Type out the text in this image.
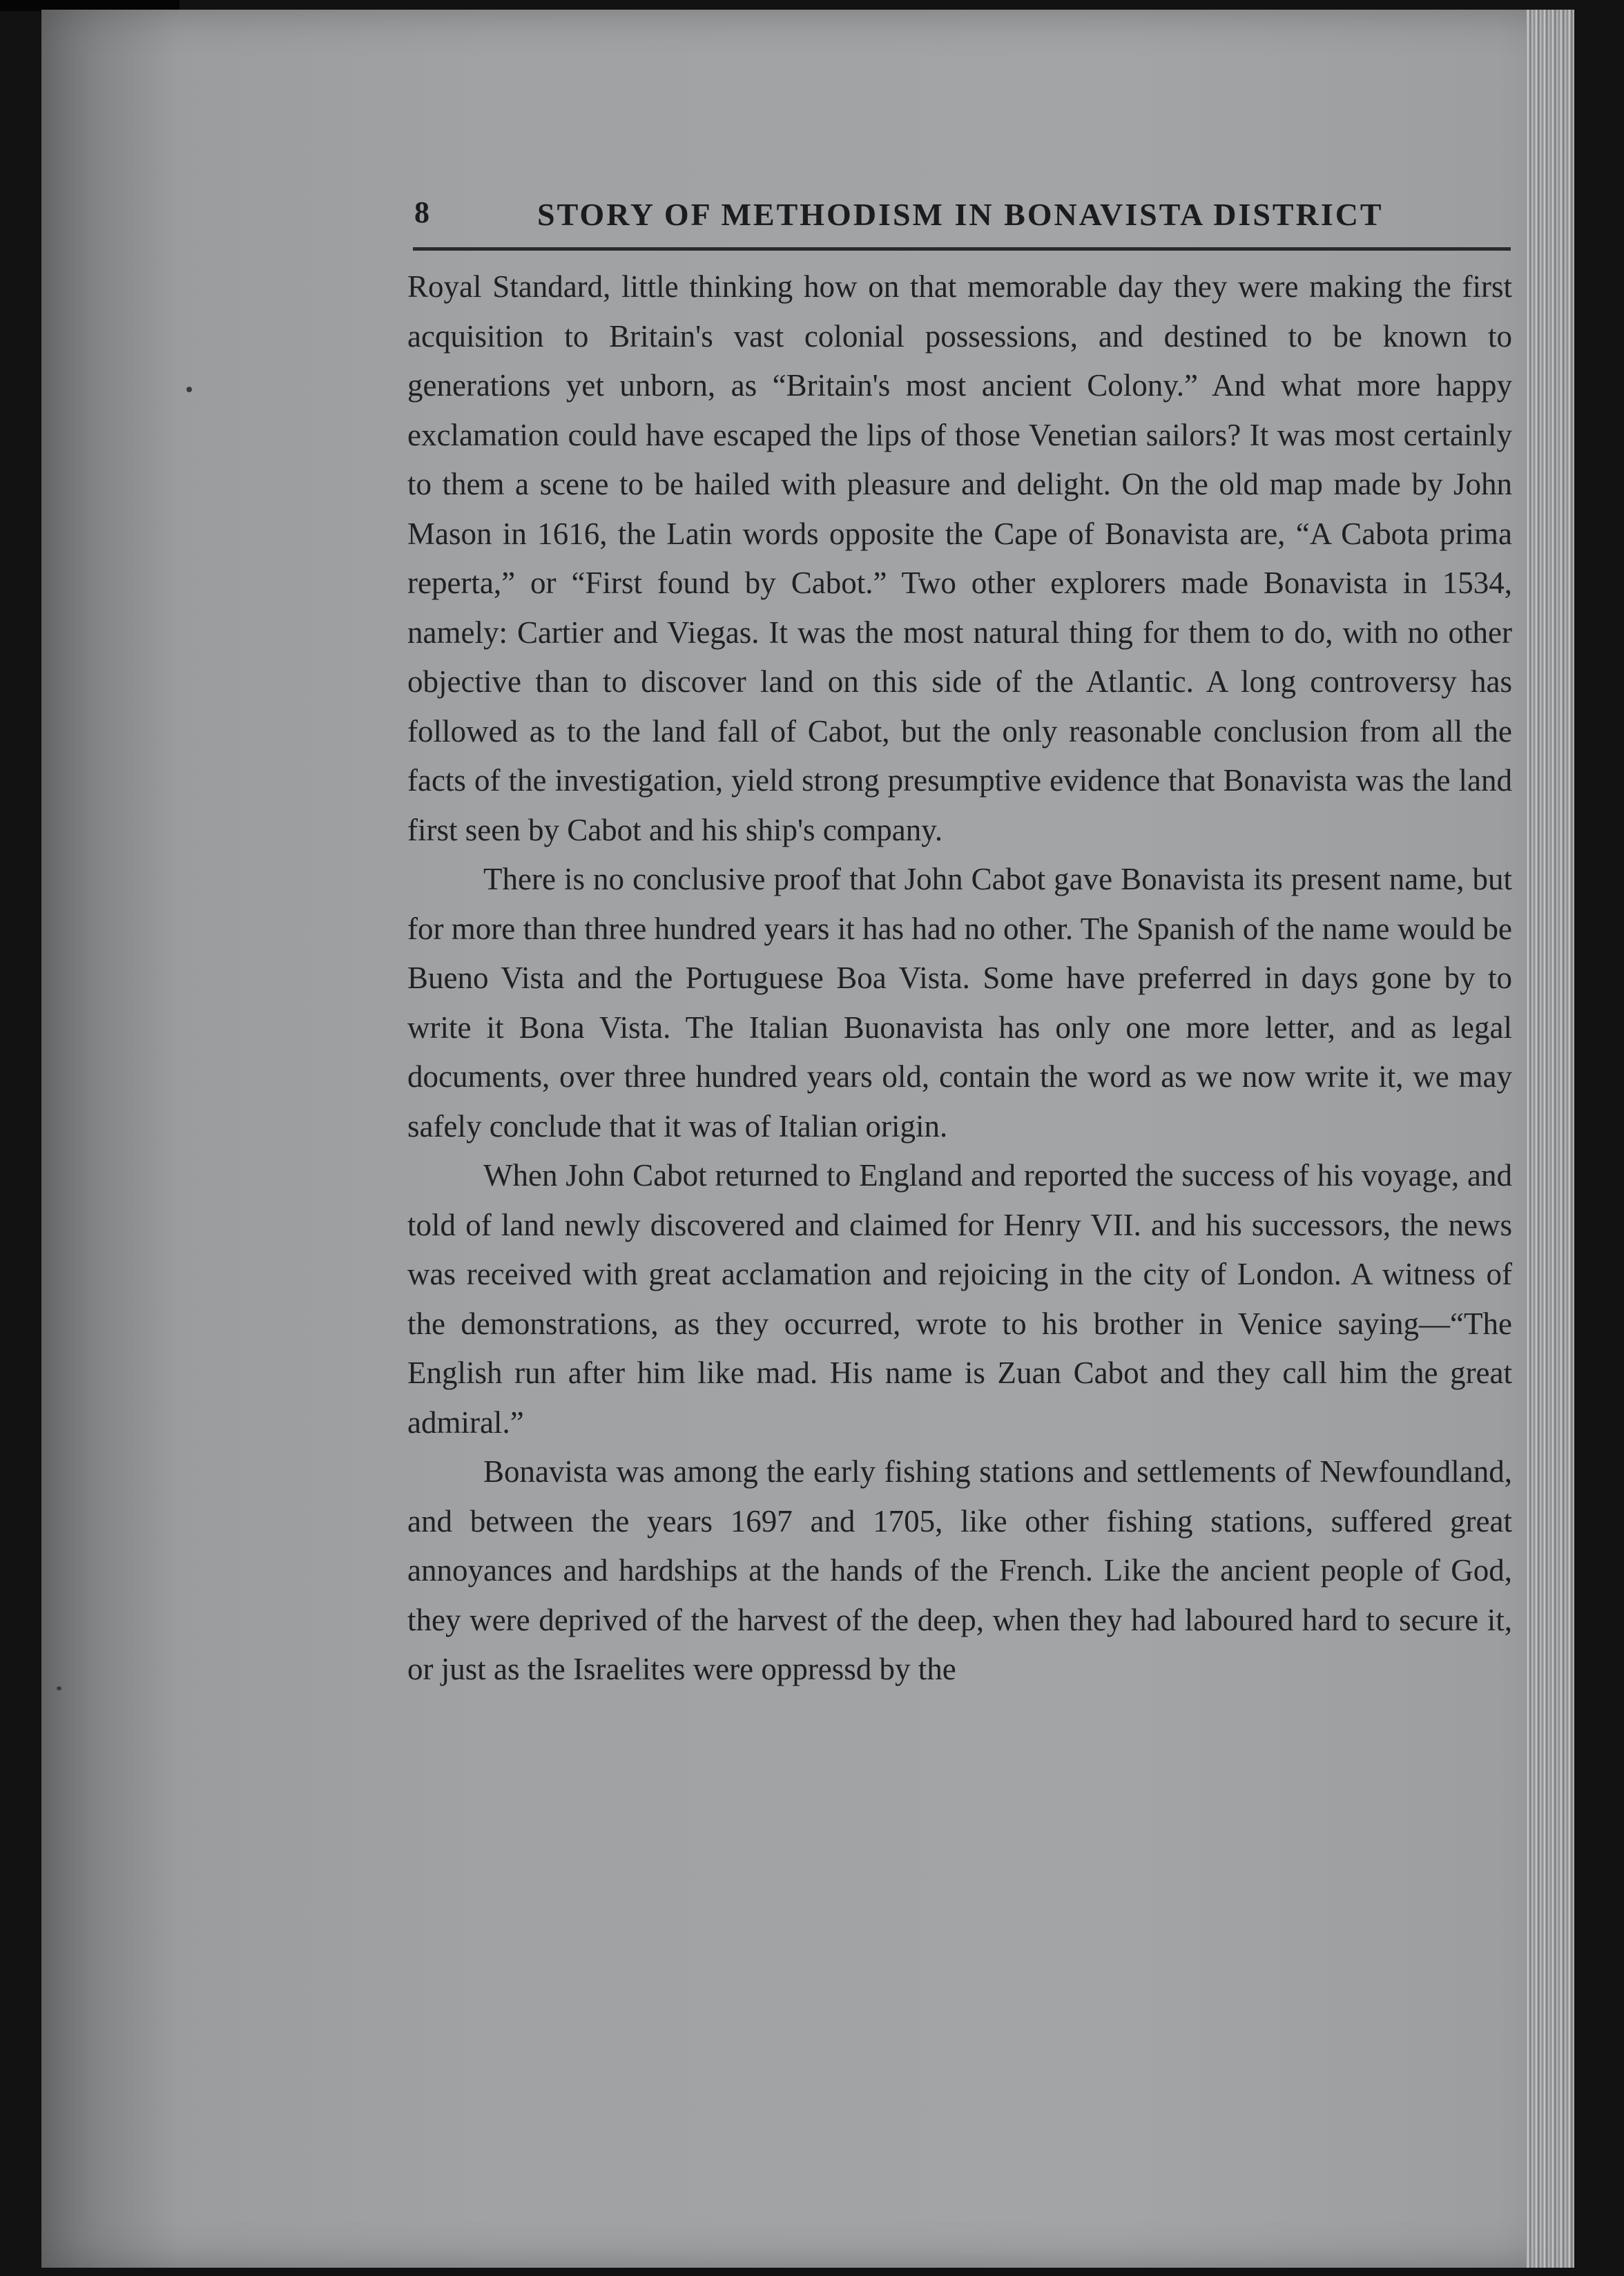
8	STORY OF METHODISM IN BONAVISTA DISTRICT

Royal Standard, little thinking how on that memorable day they were making the first acquisition to Britain's vast colonial possessions, and destined to be known to generations yet unborn, as “Britain's most ancient Colony.” And what more happy exclamation could have escaped the lips of those Venetian sailors? It was most certainly to them a scene to be hailed with pleasure and delight. On the old map made by John Mason in 1616, the Latin words opposite the Cape of Bonavista are, “A Cabota prima reperta,” or “First found by Cabot.” Two other explorers made Bonavista in 1534, namely: Cartier and Viegas. It was the most natural thing for them to do, with no other objective than to discover land on this side of the Atlantic. A long controversy has followed as to the land fall of Cabot, but the only reasonable conclusion from all the facts of the investigation, yield strong presumptive evidence that Bonavista was the land first seen by Cabot and his ship's company.

There is no conclusive proof that John Cabot gave Bonavista its present name, but for more than three hundred years it has had no other. The Spanish of the name would be Bueno Vista and the Portuguese Boa Vista. Some have preferred in days gone by to write it Bona Vista. The Italian Buonavista has only one more letter, and as legal documents, over three hundred years old, contain the word as we now write it, we may safely conclude that it was of Italian origin.

When John Cabot returned to England and reported the success of his voyage, and told of land newly discovered and claimed for Henry VII. and his successors, the news was received with great acclamation and rejoicing in the city of London. A witness of the demonstrations, as they occurred, wrote to his brother in Venice saying—“The English run after him like mad. His name is Zuan Cabot and they call him the great admiral.”

Bonavista was among the early fishing stations and settlements of Newfoundland, and between the years 1697 and 1705, like other fishing stations, suffered great annoyances and hardships at the hands of the French. Like the ancient people of God, they were deprived of the harvest of the deep, when they had laboured hard to secure it, or just as the Israelites were oppressd by the
